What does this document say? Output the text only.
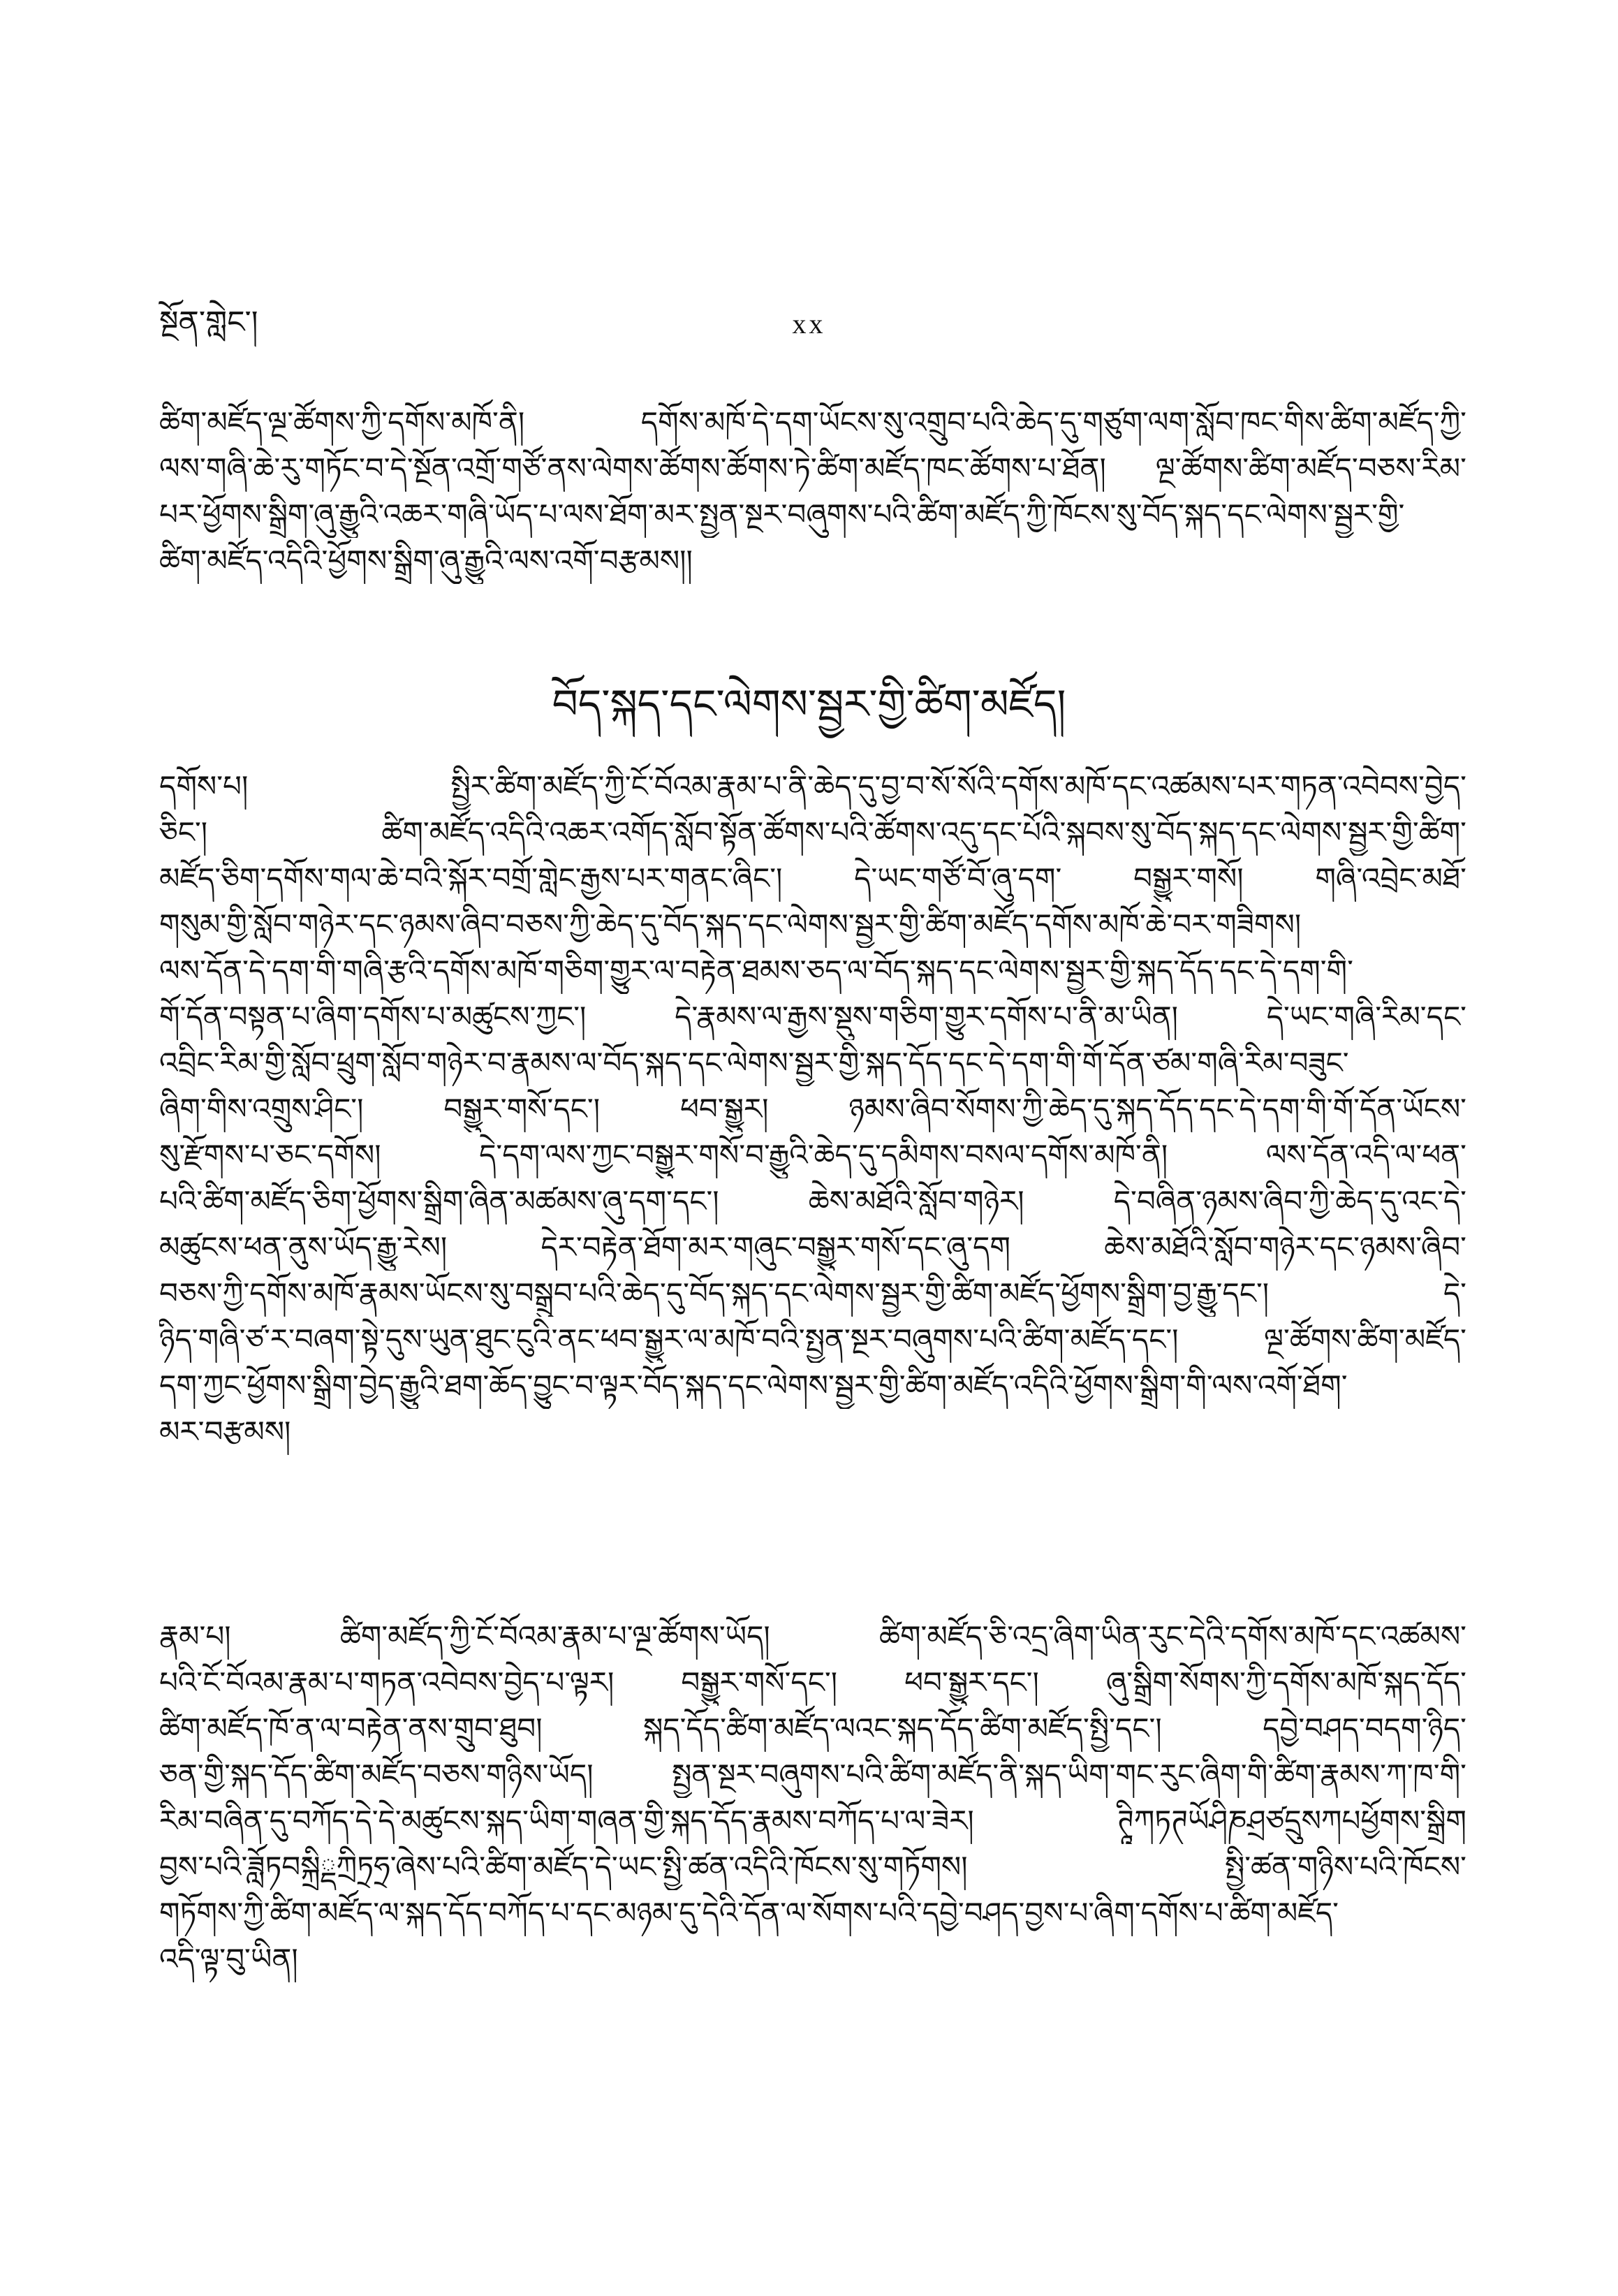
སྔོན་གླེང་།	xx
ཚིག་མཛོད་ལྔ་ཚོགས་ཀྱི་དགོས་མཁོ་ནི། དགོས་མཁོ་དེ་དག་ཡོངས་སུ་འགྲུབ་པའི་ཆེད་དུ་གཙུག་ལག་སློབ་ཁང་གིས་ཚིག་མཛོད་ཀྱི་
ལས་གཞི་ཆེ་རུ་གཏོང་བ་དེ་སྔོན་འགྲོ་གཙོ་ནས་ལེགས་ཚོགས་ཚོགས་ཏེ་ཚིག་མཛོད་ཁང་ཚོགས་པ་ཐོན། ལྔ་ཚོགས་ཚིག་མཛོད་བཅས་རིམ་
པར་ཕྱོགས་སྒྲིག་ཞུ་རྒྱུའི་འཆར་གཞི་ཡོད་པ་ལས་ཐོག་མར་སྤྱན་སྔར་བཞུགས་པའི་ཚིག་མཛོད་ཀྱི་ཁོངས་སུ་བོད་སྐད་དང་ལེགས་སྦྱར་གྱི་
ཚིག་མཛོད་འདིའི་ཕྱོགས་སྒྲིག་ཞུ་རྒྱུའི་ལས་འགོ་བརྩམས།།
བོད་སྐད་དང་ལེགས་སྦྱར་གྱི་ཚིག་མཛོད།
དགོས་པ། སྤྱིར་ཚིག་མཛོད་ཀྱི་ངོ་བོའམ་རྣམ་པ་ནི་ཆེད་དུ་བྱ་བ་སོ་སོའི་དགོས་མཁོ་དང་འཚམས་པར་གཏན་འབེབས་བྱེད་
ཅིང་། ཚིག་མཛོད་འདིའི་འཆར་འགོད་སློབ་སྟོན་ཚོགས་པའི་ཚོགས་འདུ་དང་པོའི་སྐབས་སུ་བོད་སྐད་དང་ལེགས་སྦྱར་གྱི་ཚིག་
མཛོད་ཅིག་དགོས་གལ་ཆེ་བའི་སྐོར་བགྲོ་གླེང་རྒྱས་པར་གནང་ཞིང་། དེ་ཡང་གཙོ་བོ་ཞུ་དག་ བསྒྱུར་གསོ། གཞི་འབྲེང་མཐོ་
གསུམ་གྱི་སློབ་གཉེར་དང་ཉམས་ཞིབ་བཅས་ཀྱི་ཆེད་དུ་བོད་སྐད་དང་ལེགས་སྦྱར་གྱི་ཚིག་མཛོད་དགོས་མཁོ་ཆེ་བར་གཟིགས།
ལས་དོན་དེ་དག་གི་གཞི་རྩའི་དགོས་མཁོ་གཅིག་གྱུར་ལ་བརྟེན་ཐམས་ཅད་ལ་བོད་སྐད་དང་ལེགས་སྦྱར་གྱི་སྐད་དོད་དང་དེ་དག་གི་
གོ་དོན་བསྟན་པ་ཞིག་དགོས་པ་མཚུངས་ཀྱང་། དེ་རྣམས་ལ་རྒྱས་སྡུས་གཅིག་གྱུར་དགོས་པ་ནི་མ་ཡིན། དེ་ཡང་གཞི་རིམ་དང་
འབྲིང་རིམ་གྱི་སློབ་ཕྲུག་སློབ་གཉེར་བ་རྣམས་ལ་བོད་སྐད་དང་ལེགས་སྦྱར་གྱི་སྐད་དོད་དང་དེ་དག་གི་གོ་དོན་ཙམ་གཞི་རིམ་བཟུང་
ཞིག་གིས་འགྲུས་ཤིང་། བསྒྱུར་གསོ་དང་། ཕབ་སྒྱུར། ཉམས་ཞིབ་སོགས་ཀྱི་ཆེད་དུ་སྐད་དོད་དང་དེ་དག་གི་གོ་དོན་ཡོངས་
སུ་རྫོགས་པ་ཅང་དགོས། དེ་དག་ལས་ཀྱང་བསྒྱུར་གསོ་བ་རྒྱུའི་ཆེད་དུ་དམིགས་བསལ་དགོས་མཁོ་ནི། ལས་དོན་འདི་ལ་ཕན་
པའི་ཚིག་མཛོད་ཅིག་ཕྱོགས་སྒྲིག་ཞིན་མཚམས་ཞུ་དག་དང་། ཆེས་མཐོའི་སློབ་གཉེར། དེ་བཞིན་ཉམས་ཞིབ་ཀྱི་ཆེད་དུ་འང་དེ་
མཚུངས་ཕན་ནུས་ཡོད་རྒྱུ་རེས། དེར་བརྟེན་ཐོག་མར་གཞུང་བསྒྱུར་གསོ་དང་ཞུ་དག ཆེས་མཐོའི་སློབ་གཉེར་དང་ཉམས་ཞིབ་
བཅས་ཀྱི་དགོས་མཁོ་རྣམས་ཡོངས་སུ་བསྒྲུབ་པའི་ཆེད་དུ་བོད་སྐད་དང་ལེགས་སྦྱར་གྱི་ཚིག་མཛོད་ཕྱོགས་སྒྲིག་བྱ་རྒྱུ་དང་། དེ་
ཉིད་གཞི་ཙ་ར་བཞག་སྟེ་དུས་ཡུན་ཐུང་ངུའི་ནང་ཕབ་སྒྱུར་ལ་མཁོ་བའི་སྤྱན་སྔར་བཞུགས་པའི་ཚིག་མཛོད་དང་། ལྔ་ཚོགས་ཚིག་མཛོད་
དག་ཀྱང་ཕྱོགས་སྒྲིག་བྱེད་རྒྱུའི་ཐག་ཆོད་བྱུང་བ་ལྟར་བོད་སྐད་དང་ལེགས་སྦྱར་གྱི་ཚིག་མཛོད་འདིའི་ཕྱོགས་སྒྲིག་གི་ལས་འགོ་ཐོག་
མར་བརྩམས།
རྣམ་པ། ཚིག་མཛོད་ཀྱི་ངོ་བོའམ་རྣམ་པ་ལྔ་ཚོགས་ཡོད། ཚིག་མཛོད་ཅི་འདྲ་ཞིག་ཡིན་རུང་དེའི་དགོས་མཁོ་དང་འཚམས་
པའི་ངོ་བོའམ་རྣམ་པ་གཏན་འབེབས་བྱེད་པ་ལྟར། བསྒྱུར་གསོ་དང་། ཕབ་སྒྱུར་དང་། ཞུ་སྒྲིག་སོགས་ཀྱི་དགོས་མཁོ་སྐད་དོད་
ཚིག་མཛོད་ཁོ་ན་ལ་བརྟེན་ནས་གྲུབ་ཐུབ། སྐད་དོད་ཚིག་མཛོད་ལའང་སྐད་དོད་ཚིག་མཛོད་སྤྱི་དང་། དབྱེ་བཤད་བདག་ཉིད་
ཅན་གྱི་སྐད་དོད་ཚིག་མཛོད་བཅས་གཉིས་ཡོད། སྤྱན་སྔར་བཞུགས་པའི་ཚིག་མཛོད་ནི་སྐད་ཡིག་གང་རུང་ཞིག་གི་ཚིག་རྣམས་ཀ་ཁ་གི་
རིམ་བཞིན་དུ་བཀོད་དེ་དེ་མཚུངས་སྐད་ཡིག་གཞན་གྱི་སྐད་དོད་རྣམས་བཀོད་པ་ལ་ཟེར། ཊཱིཀཏཊཡོཤིཎཤྲཙདྲུསཀཔཕྱོགས་སྒྲིག
བྱས་པའི་ཟློཏབསྐྲིྡཀྲིཏྲཧྲ་ཞེས་པའི་ཚིག་མཛོད་དེ་ཡང་སྤྱི་ཚན་འདིའི་ཁོངས་སུ་གཏོགས། སྤྱི་ཚན་གཉིས་པའི་ཁོངས་
གཏོགས་ཀྱི་ཚིག་མཛོད་ལ་སྐད་དོད་བཀོད་པ་དང་མཉམ་དུ་དེའི་དོན་ལ་སོགས་པའི་དབྱེ་བཤད་བྱས་པ་ཞིག་དགོས་པ་ཚིག་མཛོད་
འདི་ལྟ་བུ་ཡིན།
